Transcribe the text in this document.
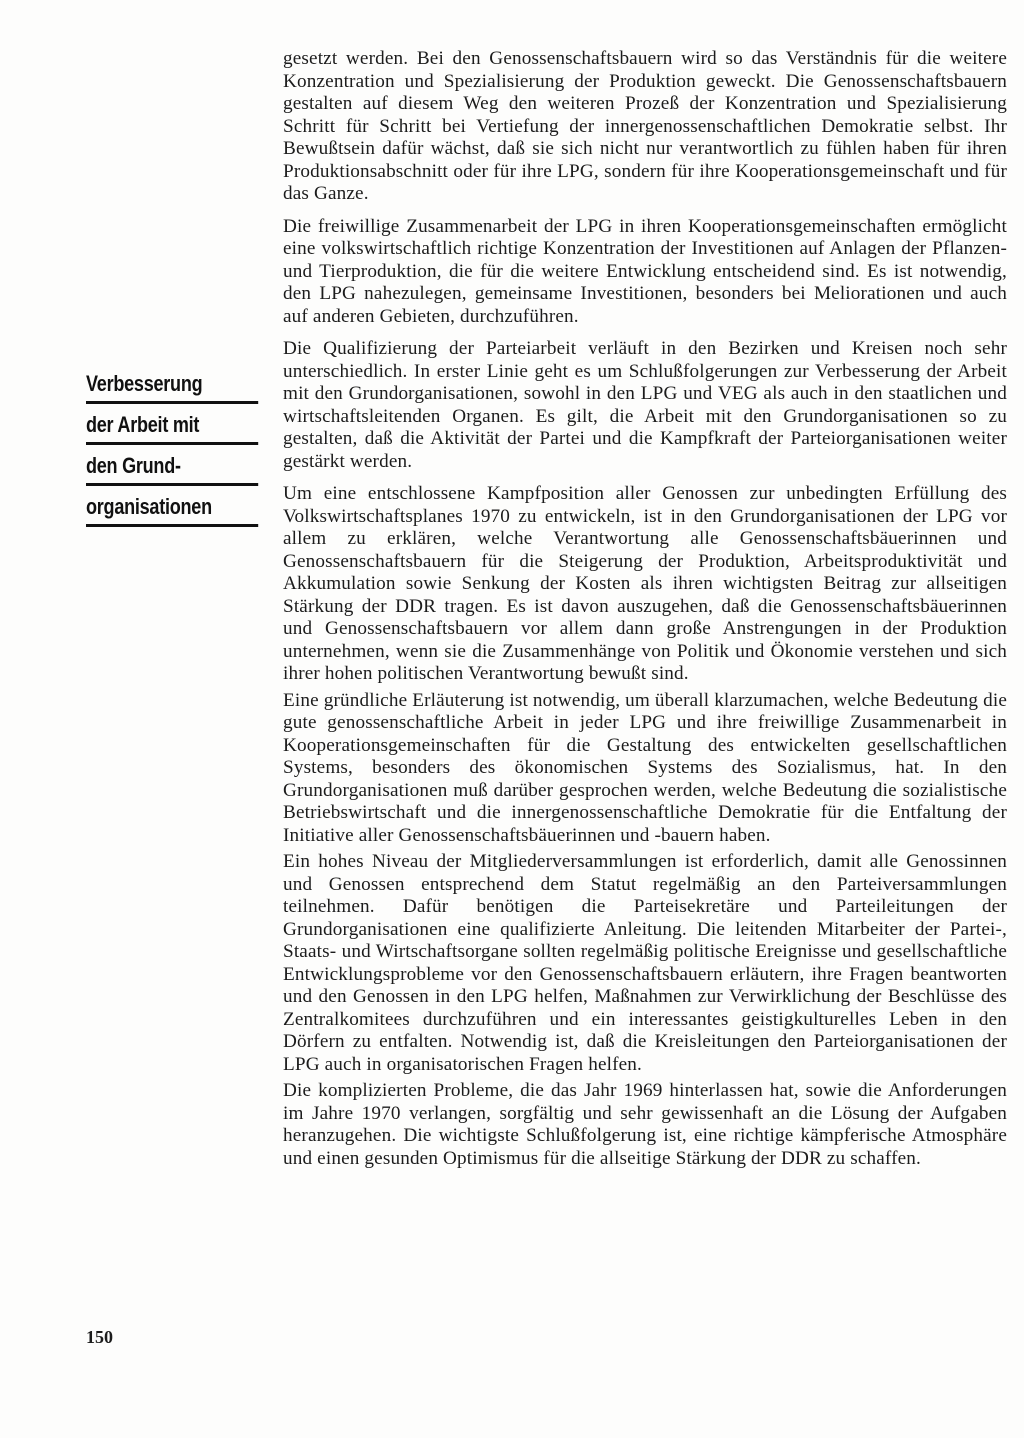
Verbesserung
der Arbeit mit
den Grund-
organisationen

gesetzt werden. Bei den Genossenschaftsbauern wird so das Verständnis für die weitere Konzentration und Spezialisierung der Produktion geweckt. Die Genossenschaftsbauern gestalten auf diesem Weg den weiteren Prozeß der Konzentration und Spezialisierung Schritt für Schritt bei Vertiefung der innergenossenschaftlichen Demokratie selbst. Ihr Bewußtsein dafür wächst, daß sie sich nicht nur verantwortlich zu fühlen haben für ihren Produktionsabschnitt oder für ihre LPG, sondern für ihre Kooperationsgemeinschaft und für das Ganze.

Die freiwillige Zusammenarbeit der LPG in ihren Kooperationsgemeinschaften ermöglicht eine volkswirtschaftlich richtige Konzentration der Investitionen auf Anlagen der Pflanzen- und Tierproduktion, die für die weitere Entwicklung entscheidend sind. Es ist notwendig, den LPG nahezulegen, gemeinsame Investitionen, besonders bei Meliorationen und auch auf anderen Gebieten, durchzuführen.

Die Qualifizierung der Parteiarbeit verläuft in den Bezirken und Kreisen noch sehr unterschiedlich. In erster Linie geht es um Schlußfolgerungen zur Verbesserung der Arbeit mit den Grundorganisationen, sowohl in den LPG und VEG als auch in den staatlichen und wirtschaftsleitenden Organen. Es gilt, die Arbeit mit den Grundorganisationen so zu gestalten, daß die Aktivität der Partei und die Kampfkraft der Parteiorganisationen weiter gestärkt werden.

Um eine entschlossene Kampfposition aller Genossen zur unbedingten Erfüllung des Volkswirtschaftsplanes 1970 zu entwickeln, ist in den Grundorganisationen der LPG vor allem zu erklären, welche Verantwortung alle Genossenschaftsbäuerinnen und Genossenschaftsbauern für die Steigerung der Produktion, Arbeitsproduktivität und Akkumulation sowie Senkung der Kosten als ihren wichtigsten Beitrag zur allseitigen Stärkung der DDR tragen. Es ist davon auszugehen, daß die Genossenschaftsbäuerinnen und Genossenschaftsbauern vor allem dann große Anstrengungen in der Produktion unternehmen, wenn sie die Zusammenhänge von Politik und Ökonomie verstehen und sich ihrer hohen politischen Verantwortung bewußt sind.

Eine gründliche Erläuterung ist notwendig, um überall klarzumachen, welche Bedeutung die gute genossenschaftliche Arbeit in jeder LPG und ihre freiwillige Zusammenarbeit in Kooperationsgemeinschaften für die Gestaltung des entwickelten gesellschaftlichen Systems, besonders des ökonomischen Systems des Sozialismus, hat. In den Grundorganisationen muß darüber gesprochen werden, welche Bedeutung die sozialistische Betriebswirtschaft und die innergenossenschaftliche Demokratie für die Entfaltung der Initiative aller Genossenschaftsbäuerinnen und -bauern haben.

Ein hohes Niveau der Mitgliederversammlungen ist erforderlich, damit alle Genossinnen und Genossen entsprechend dem Statut regelmäßig an den Parteiversammlungen teilnehmen. Dafür benötigen die Parteisekretäre und Parteileitungen der Grundorganisationen eine qualifizierte Anleitung. Die leitenden Mitarbeiter der Partei-, Staats- und Wirtschaftsorgane sollten regelmäßig politische Ereignisse und gesellschaftliche Entwicklungsprobleme vor den Genossenschaftsbauern erläutern, ihre Fragen beantworten und den Genossen in den LPG helfen, Maßnahmen zur Verwirklichung der Beschlüsse des Zentralkomitees durchzuführen und ein interessantes geistigkulturelles Leben in den Dörfern zu entfalten. Notwendig ist, daß die Kreisleitungen den Parteiorganisationen der LPG auch in organisatorischen Fragen helfen.

Die komplizierten Probleme, die das Jahr 1969 hinterlassen hat, sowie die Anforderungen im Jahre 1970 verlangen, sorgfältig und sehr gewissenhaft an die Lösung der Aufgaben heranzugehen. Die wichtigste Schlußfolgerung ist, eine richtige kämpferische Atmosphäre und einen gesunden Optimismus für die allseitige Stärkung der DDR zu schaffen.

150
